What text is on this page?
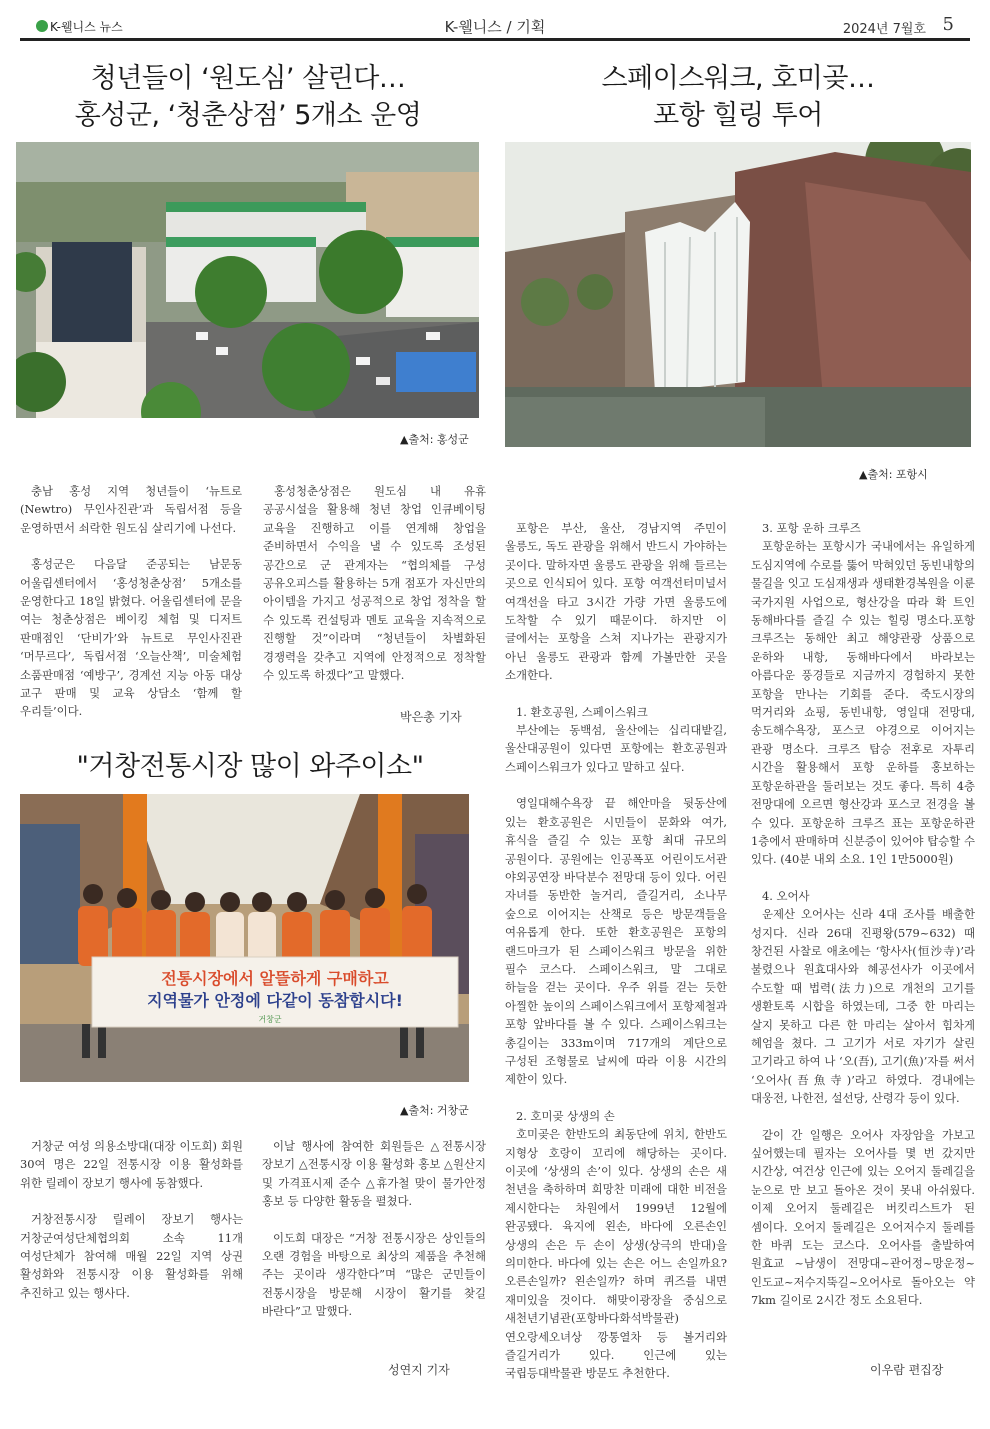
K-웰니스 뉴스	K-웰니스 / 기획	2024년 7월호 5
청년들이 ‘원도심’ 살린다…
홍성군, ‘청춘상점’ 5개소 운영
▲출처: 홍성군

충남 홍성 지역 청년들이 ‘뉴트로(Newtro) 무인사진관’과 독립서점 등을 운영하면서 쇠락한 원도심 살리기에 나선다.

홍성군은 다음달 준공되는 남문동 어울림센터에서 ‘홍성청춘상점’ 5개소를 운영한다고 18일 밝혔다. 어울림센터에 문을 여는 청춘상점은 베이킹 체험 및 디저트 판매점인 ‘단비가’와 뉴트로 무인사진관 ‘머무르다’, 독립서점 ‘오늘산책’, 미술체험 소품판매점 ‘예방구’, 경계선 지능 아동 대상 교구 판매 및 교육 상담소 ‘함께 할 우리들’이다.

홍성청춘상점은 원도심 내 유휴 공공시설을 활용해 청년 창업 인큐베이팅 교육을 진행하고 이를 연계해 창업을 준비하면서 수익을 낼 수 있도록 조성된 공간으로 군 관계자는 “협의체를 구성 공유오피스를 활용하는 5개 점포가 자신만의 아이템을 가지고 성공적으로 창업 정착을 할 수 있도록 컨설팅과 멘토 교육을 지속적으로 진행할 것”이라며 “청년들이 차별화된 경쟁력을 갖추고 지역에 안정적으로 정착할 수 있도록 하겠다”고 말했다.

박은총 기자
"거창전통시장 많이 와주이소"
전통시장에서 알뜰하게 구매하고
지역물가 안정에 다같이 동참합시다!
거창군
▲출처: 거창군

거창군 여성 의용소방대(대장 이도희) 회원 30여 명은 22일 전통시장 이용 활성화를 위한 릴레이 장보기 행사에 동참했다.

거창전통시장 릴레이 장보기 행사는 거창군여성단체협의회 소속 11개 여성단체가 참여해 매월 22일 지역 상권 활성화와 전통시장 이용 활성화를 위해 추진하고 있는 행사다.

이날 행사에 참여한 회원들은 △전통시장 장보기 △전통시장 이용 활성화 홍보 △원산지 및 가격표시제 준수 △휴가철 맞이 물가안정 홍보 등 다양한 활동을 펼쳤다.

이도희 대장은 “거창 전통시장은 상인들의 오랜 경험을 바탕으로 최상의 제품을 추천해 주는 곳이라 생각한다”며 “많은 군민들이 전통시장을 방문해 시장이 활기를 찾길 바란다”고 말했다.

성연지 기자
스페이스워크, 호미곶…
포항 힐링 투어
▲출처: 포항시

포항은 부산, 울산, 경남지역 주민이 울릉도, 독도 관광을 위해서 반드시 가야하는 곳이다. 말하자면 울릉도 관광을 위해 들르는 곳으로 인식되어 있다. 포항 여객선터미널서 여객선을 타고 3시간 가량 가면 울릉도에 도착할 수 있기 때문이다. 하지만 이 글에서는 포항을 스쳐 지나가는 관광지가 아닌 울릉도 관광과 함께 가볼만한 곳을 소개한다.

1. 환호공원, 스페이스워크

부산에는 동백섬, 울산에는 십리대밭길, 울산대공원이 있다면 포항에는 환호공원과 스페이스워크가 있다고 말하고 싶다.

영일대해수욕장 끝 해안마을 뒷동산에 있는 환호공원은 시민들이 문화와 여가, 휴식을 즐길 수 있는 포항 최대 규모의 공원이다. 공원에는 인공폭포 어린이도서관 야외공연장 바닥분수 전망대 등이 있다. 어린 자녀를 동반한 놀거리, 즐길거리, 소나무 숲으로 이어지는 산책로 등은 방문객들을 여유롭게 한다. 또한 환호공원은 포항의 랜드마크가 된 스페이스워크 방문을 위한 필수 코스다. 스페이스워크, 말 그대로 하늘을 걷는 곳이다. 우주 위를 걷는 듯한 아찔한 높이의 스페이스워크에서 포항제철과 포항 앞바다를 볼 수 있다. 스페이스워크는 총길이는 333m이며 717개의 계단으로 구성된 조형물로 날씨에 따라 이용 시간의 제한이 있다.

2. 호미곶 상생의 손

호미곶은 한반도의 최동단에 위치, 한반도 지형상 호랑이 꼬리에 해당하는 곳이다. 이곳에 ‘상생의 손’이 있다. 상생의 손은 새 천년을 축하하며 희망찬 미래에 대한 비전을 제시한다는 차원에서 1999년 12월에 완공됐다. 육지에 왼손, 바다에 오른손인 상생의 손은 두 손이 상생(상극의 반대)을 의미한다. 바다에 있는 손은 어느 손일까요? 오른손일까? 왼손일까? 하며 퀴즈를 내면 재미있을 것이다. 해맞이광장을 중심으로 새천년기념관(포항바다화석박물관) 연오랑세오녀상 깡통열차 등 볼거리와 즐길거리가 있다. 인근에 있는 국립등대박물관 방문도 추천한다.

3. 포항 운하 크루즈

포항운하는 포항시가 국내에서는 유일하게 도심지역에 수로를 뚫어 막혀있던 동빈내항의 물길을 잇고 도심재생과 생태환경복원을 이룬 국가지원 사업으로, 형산강을 따라 확 트인 동해바다를 즐길 수 있는 힐링 명소다.포항 크루즈는 동해안 최고 해양관광 상품으로 운하와 내항, 동해바다에서 바라보는 아름다운 풍경들로 지금까지 경험하지 못한 포항을 만나는 기회를 준다. 죽도시장의 먹거리와 쇼핑, 동빈내항, 영일대 전망대, 송도해수욕장, 포스코 야경으로 이어지는 관광 명소다. 크루즈 탑승 전후로 자투리 시간을 활용해서 포항 운하를 홍보하는 포항운하관을 둘러보는 것도 좋다. 특히 4층 전망대에 오르면 형산강과 포스코 전경을 볼 수 있다. 포항운하 크루즈 표는 포항운하관 1층에서 판매하며 신분증이 있어야 탑승할 수 있다. (40분 내외 소요. 1인 1만5000원)

4. 오어사

운제산 오어사는 신라 4대 조사를 배출한 성지다. 신라 26대 진평왕(579~632) 때 창건된 사찰로 애초에는 ‘항사사(恒沙寺)’라 불렸으나 원효대사와 혜공선사가 이곳에서 수도할 때 법력(法力)으로 개천의 고기를 생환토록 시합을 하였는데, 그중 한 마리는 살지 못하고 다른 한 마리는 살아서 힘차게 헤엄을 쳤다. 그 고기가 서로 자기가 살린 고기라고 하여 나 ‘오(吾), 고기(魚)’자를 써서 ‘오어사(吾魚寺)’라고 하였다. 경내에는 대웅전, 나한전, 설선당, 산령각 등이 있다.

같이 간 일행은 오어사 자장암을 가보고 싶어했는데 필자는 오어사를 몇 번 갔지만 시간상, 여건상 인근에 있는 오어지 둘레길을 눈으로 만 보고 돌아온 것이 못내 아쉬웠다. 이제 오어지 둘레길은 버킷리스트가 된 셈이다. 오어지 둘레길은 오어저수지 둘레를 한 바퀴 도는 코스다. 오어사를 출발하여 원효교 ~남생이 전망대~관어정~망운정~인도교~저수지뚝길~오어사로 돌아오는 약 7km 길이로 2시간 정도 소요된다.

이우람 편집장
